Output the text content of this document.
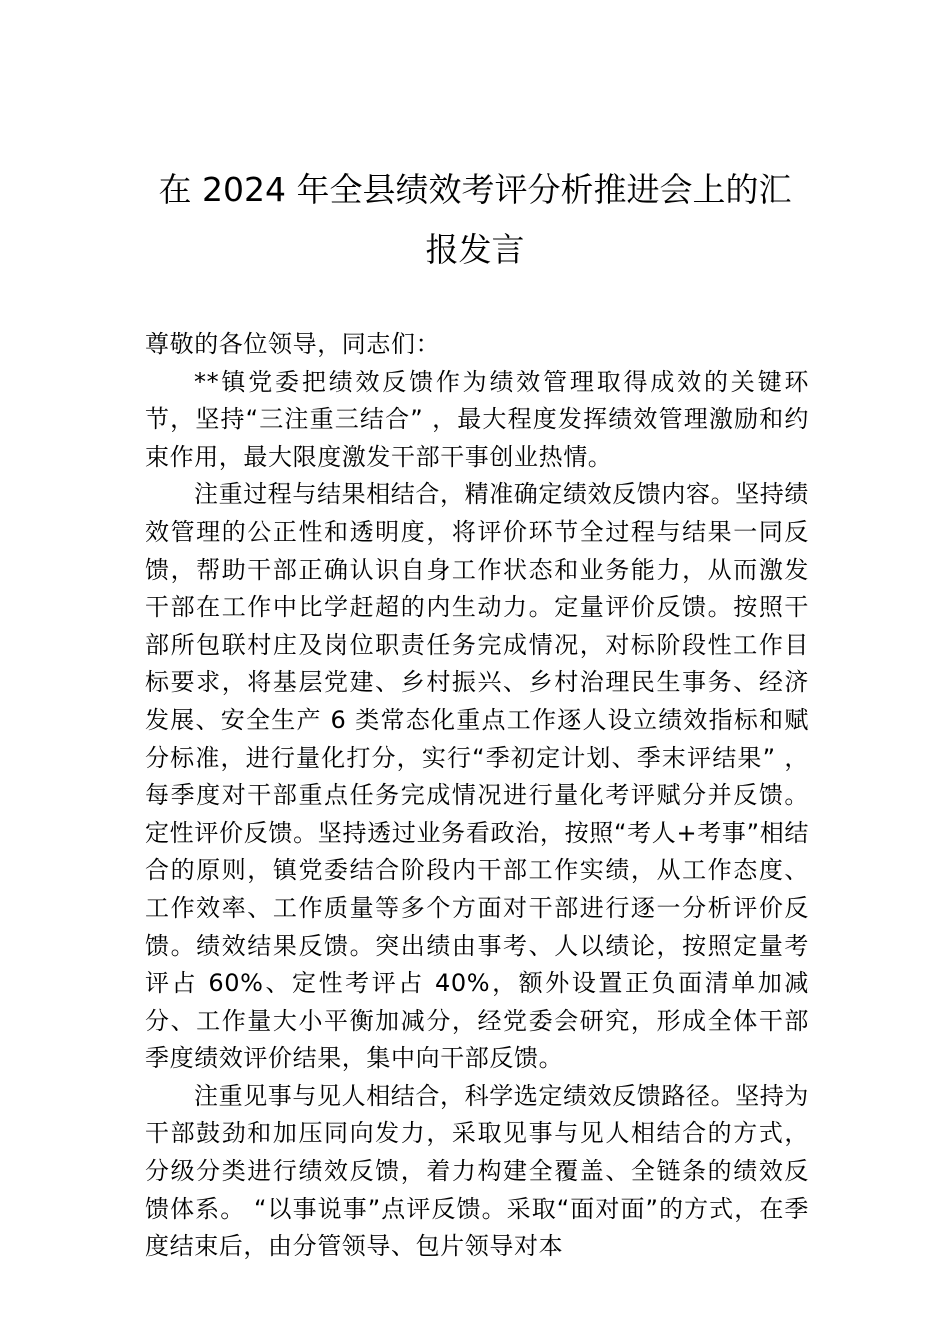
在 2024 年全县绩效考评分析推进会上的汇
报发言

尊敬的各位领导，同志们：

**镇党委把绩效反馈作为绩效管理取得成效的关键环节，坚持“三注重三结合” ，最大程度发挥绩效管理激励和约束作用，最大限度激发干部干事创业热情。

注重过程与结果相结合，精准确定绩效反馈内容。坚持绩效管理的公正性和透明度，将评价环节全过程与结果一同反馈，帮助干部正确认识自身工作状态和业务能力，从而激发干部在工作中比学赶超的内生动力。定量评价反馈。按照干部所包联村庄及岗位职责任务完成情况，对标阶段性工作目标要求，将基层党建、乡村振兴、乡村治理民生事务、经济发展、安全生产 6 类常态化重点工作逐人设立绩效指标和赋分标准，进行量化打分，实行“季初定计划、季末评结果” ，每季度对干部重点任务完成情况进行量化考评赋分并反馈。定性评价反馈。坚持透过业务看政治，按照“考人+考事”相结合的原则，镇党委结合阶段内干部工作实绩，从工作态度、工作效率、工作质量等多个方面对干部进行逐一分析评价反馈。绩效结果反馈。突出绩由事考、人以绩论，按照定量考评占 60%、定性考评占 40%，额外设置正负面清单加减分、工作量大小平衡加减分，经党委会研究，形成全体干部季度绩效评价结果，集中向干部反馈。

注重见事与见人相结合，科学选定绩效反馈路径。坚持为干部鼓劲和加压同向发力，采取见事与见人相结合的方式，分级分类进行绩效反馈，着力构建全覆盖、全链条的绩效反馈体系。 “以事说事”点评反馈。采取“面对面”的方式，在季度结束后，由分管领导、包片领导对本
